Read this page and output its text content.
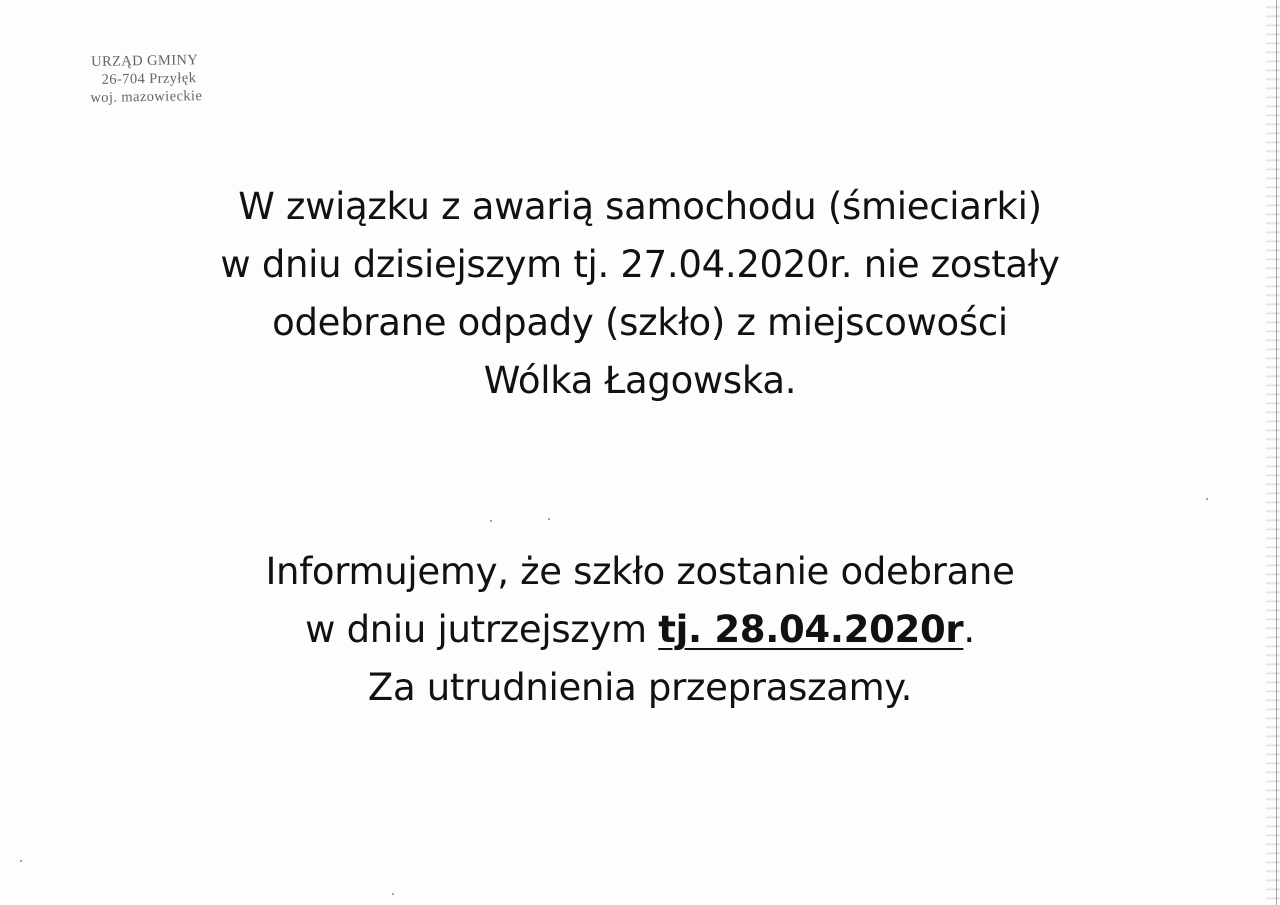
URZĄD GMINY
26-704 Przyłęk
woj. mazowieckie
W związku z awarią samochodu (śmieciarki)
w dniu dzisiejszym tj. 27.04.2020r. nie zostały
odebrane odpady (szkło) z miejscowości
Wólka Łagowska.
Informujemy, że szkło zostanie odebrane
w dniu jutrzejszym tj. 28.04.2020r.
Za utrudnienia przepraszamy.
